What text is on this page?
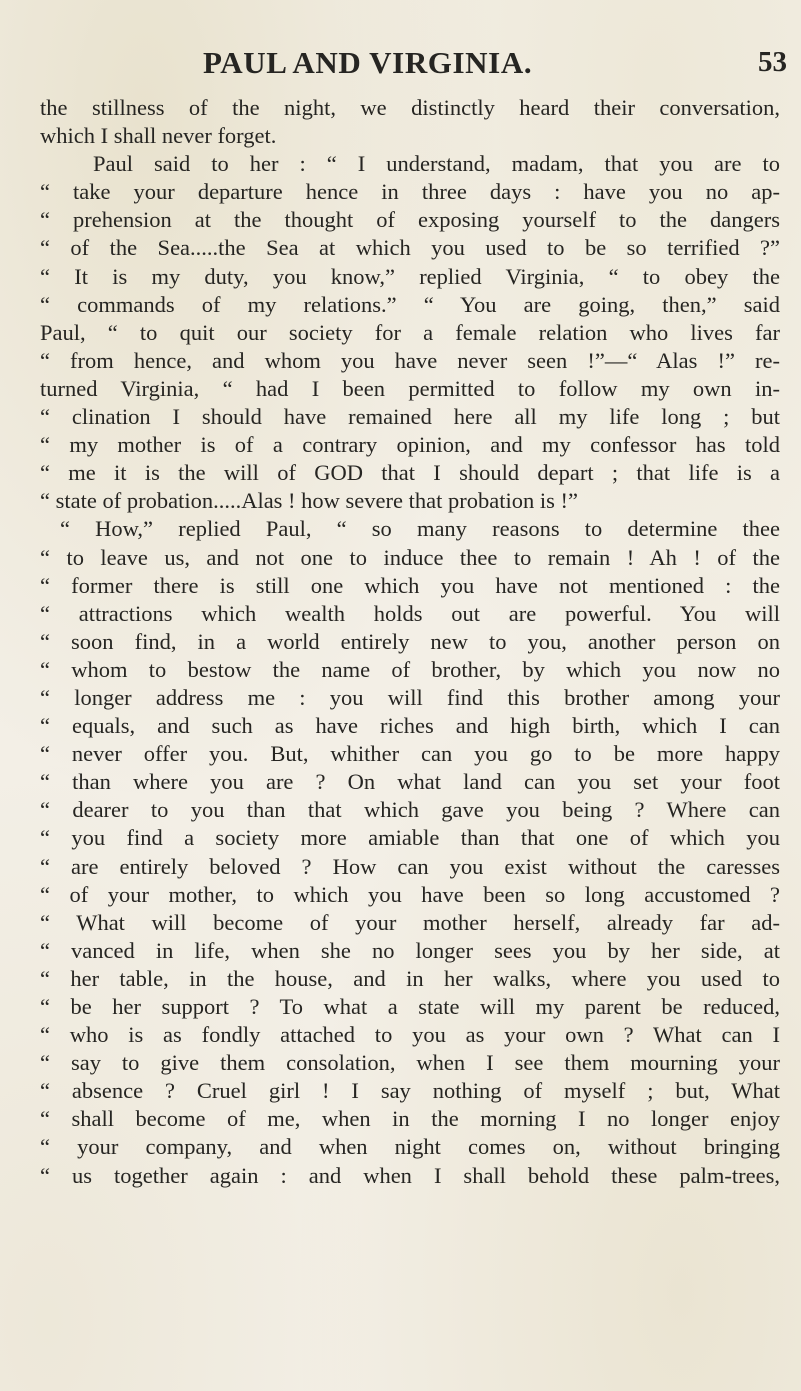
PAUL AND VIRGINIA.	53
the stillness of the night, we distinctly heard their conversation,
which I shall never forget.
Paul said to her : “ I understand, madam, that you are to
“ take your departure hence in three days : have you no ap-
“ prehension at the thought of exposing yourself to the dangers
“ of the Sea.....the Sea at which you used to be so terrified ?”
“ It is my duty, you know,” replied Virginia, “ to obey the
“ commands of my relations.” “ You are going, then,” said
Paul, “ to quit our society for a female relation who lives far
“ from hence, and whom you have never seen !”—“ Alas !” re-
turned Virginia, “ had I been permitted to follow my own in-
“ clination I should have remained here all my life long ; but
“ my mother is of a contrary opinion, and my confessor has told
“ me it is the will of GOD that I should depart ; that life is a
“ state of probation.....Alas ! how severe that probation is !”
“ How,” replied Paul, “ so many reasons to determine thee
“ to leave us, and not one to induce thee to remain ! Ah ! of the
“ former there is still one which you have not mentioned : the
“ attractions which wealth holds out are powerful. You will
“ soon find, in a world entirely new to you, another person on
“ whom to bestow the name of brother, by which you now no
“ longer address me : you will find this brother among your
“ equals, and such as have riches and high birth, which I can
“ never offer you. But, whither can you go to be more happy
“ than where you are ? On what land can you set your foot
“ dearer to you than that which gave you being ? Where can
“ you find a society more amiable than that one of which you
“ are entirely beloved ? How can you exist without the caresses
“ of your mother, to which you have been so long accustomed ?
“ What will become of your mother herself, already far ad-
“ vanced in life, when she no longer sees you by her side, at
“ her table, in the house, and in her walks, where you used to
“ be her support ? To what a state will my parent be reduced,
“ who is as fondly attached to you as your own ? What can I
“ say to give them consolation, when I see them mourning your
“ absence ? Cruel girl ! I say nothing of myself ; but, What
“ shall become of me, when in the morning I no longer enjoy
“ your company, and when night comes on, without bringing
“ us together again : and when I shall behold these palm-trees,
